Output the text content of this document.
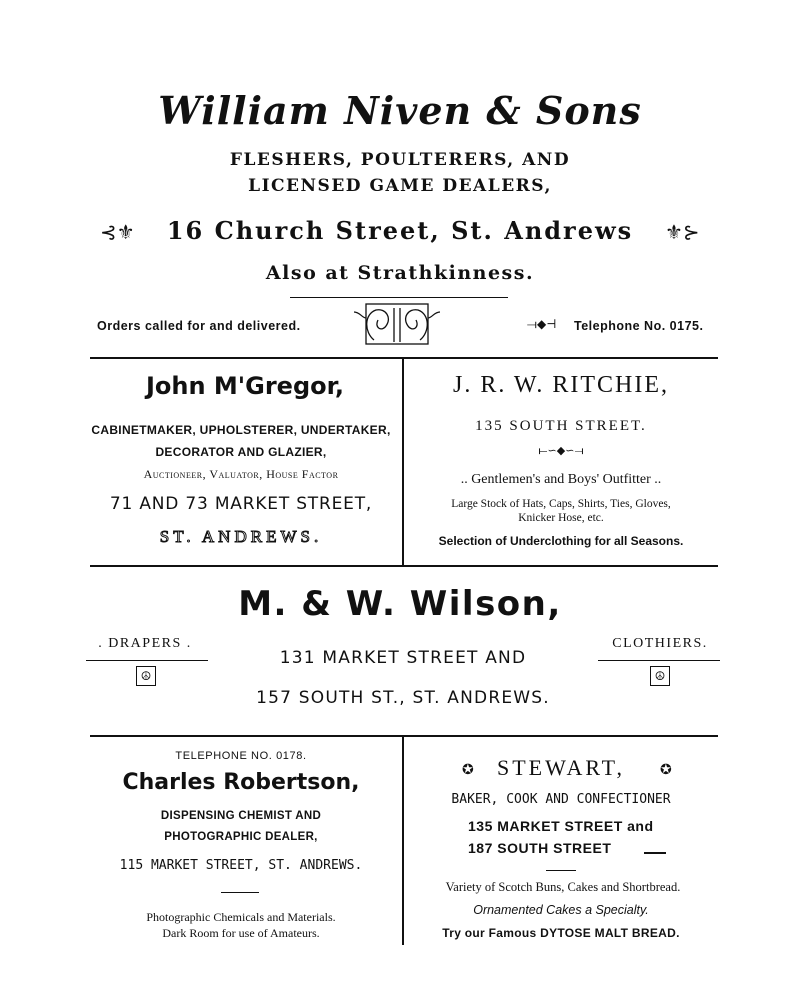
William Niven & Sons
FLESHERS, POULTERERS, AND
LICENSED GAME DEALERS,
⊰⚜︎	16 Church Street, St. Andrews	⚜︎⊱
Also at Strathkinness.
Orders called for and delivered.	⟞◆⊣ Telephone No. 0175.
John M'Gregor,
CABINETMAKER, UPHOLSTERER, UNDERTAKER,
DECORATOR AND GLAZIER,
Auctioneer, Valuator, House Factor
71 AND 73 MARKET STREET,
ST. ANDREWS.
J. R. W. RITCHIE,
135 SOUTH STREET.
⟝∽◆∽⟞
.. Gentlemen's and Boys' Outfitter ..
Large Stock of Hats, Caps, Shirts, Ties, Gloves,
Knicker Hose, etc.
Selection of Underclothing for all Seasons.
M. & W. Wilson,
. DRAPERS .
☮
131 MARKET STREET AND
157 SOUTH ST., ST. ANDREWS.
CLOTHIERS.
☮
TELEPHONE NO. 0178.
Charles Robertson,
DISPENSING CHEMIST AND
PHOTOGRAPHIC DEALER,
115 MARKET STREET, ST. ANDREWS.
Photographic Chemicals and Materials.
Dark Room for use of Amateurs.
✪	STEWART,	✪
BAKER, COOK AND CONFECTIONER
135 MARKET STREET and
187 SOUTH STREET
Variety of Scotch Buns, Cakes and Shortbread.
Ornamented Cakes a Specialty.
Try our Famous DYTOSE MALT BREAD.
